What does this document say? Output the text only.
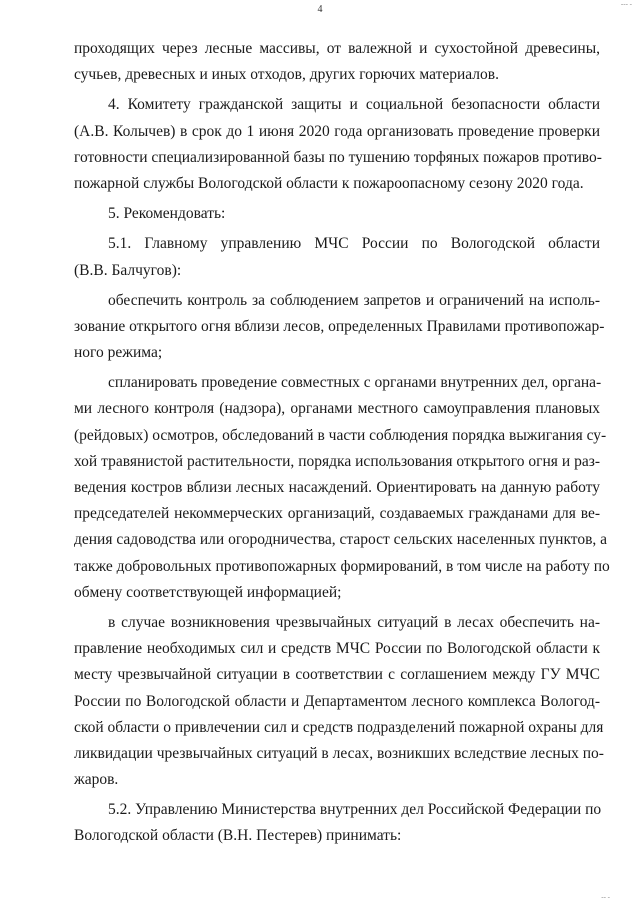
4
проходящих через лесные массивы, от валежной и сухостойной древесины,
сучьев, древесных и иных отходов, других горючих материалов.
4. Комитету гражданской защиты и социальной безопасности области
(А.В. Колычев) в срок до 1 июня 2020 года организовать проведение проверки
готовности специализированной базы по тушению торфяных пожаров противо-
пожарной службы Вологодской области к пожароопасному сезону 2020 года.
5. Рекомендовать:
5.1. Главному управлению МЧС России по Вологодской области
(В.В. Балчугов):
обеспечить контроль за соблюдением запретов и ограничений на исполь-
зование открытого огня вблизи лесов, определенных Правилами противопожар-
ного режима;
спланировать проведение совместных с органами внутренних дел, органа-
ми лесного контроля (надзора), органами местного самоуправления плановых
(рейдовых) осмотров, обследований в части соблюдения порядка выжигания су-
хой травянистой растительности, порядка использования открытого огня и раз-
ведения костров вблизи лесных насаждений. Ориентировать на данную работу
председателей некоммерческих организаций, создаваемых гражданами для ве-
дения садоводства или огородничества, старост сельских населенных пунктов, а
также добровольных противопожарных формирований, в том числе на работу по
обмену соответствующей информацией;
в случае возникновения чрезвычайных ситуаций в лесах обеспечить на-
правление необходимых сил и средств МЧС России по Вологодской области к
месту чрезвычайной ситуации в соответствии с соглашением между ГУ МЧС
России по Вологодской области и Департаментом лесного комплекса Вологод-
ской области о привлечении сил и средств подразделений пожарной охраны для
ликвидации чрезвычайных ситуаций в лесах, возникших вследствие лесных по-
жаров.
5.2. Управлению Министерства внутренних дел Российской Федерации по
Вологодской области (В.Н. Пестерев) принимать:
‐‐‐ ‐
‐‐ ‐
